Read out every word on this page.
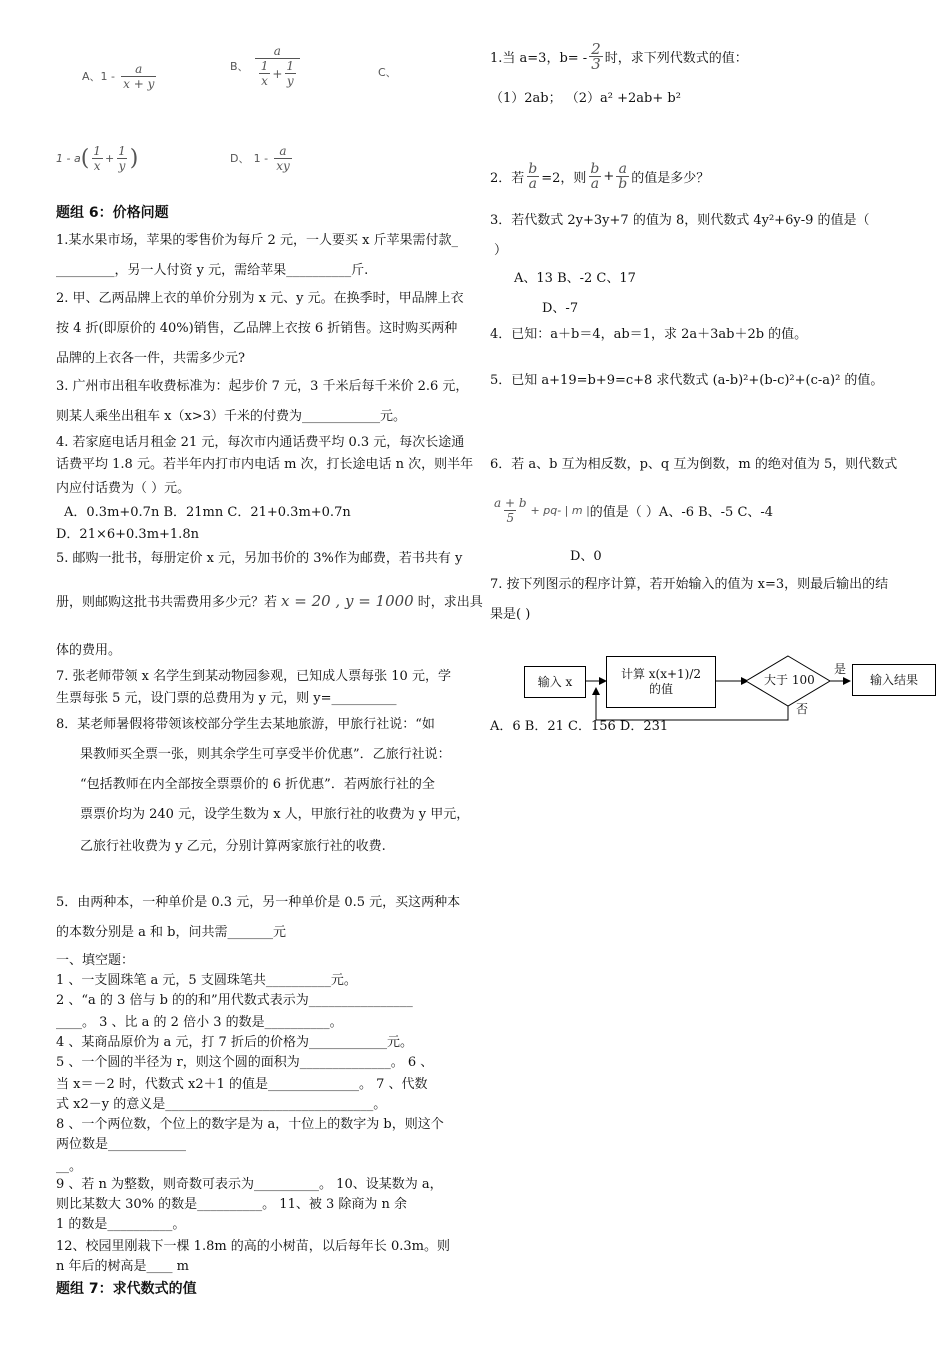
A、$1 - \frac{a}{x + y}$	B、 $\frac{a}{\frac{1}{x} + \frac{1}{y}}$	C、
$1 - a( \frac{1}{x} + \frac{1}{y}$ )	D、 $1 - \frac{a}{xy}$
题组 6：价格问题
1.某水果市场，苹果的零售价为每斤 2 元，一人要买 x 斤苹果需付款_
_________，另一人付资 y 元，需给苹果__________斤.
2. 甲、乙两品牌上衣的单价分别为 x 元、y 元。在换季时，甲品牌上衣
按 4 折(即原价的 40%)销售，乙品牌上衣按 6 折销售。这时购买两种
品牌的上衣各一件，共需多少元?
3. 广州市出租车收费标准为：起步价 7 元，3 千米后每千米价 2.6 元，
则某人乘坐出租车 x（x>3）千米的付费为____________元。
4. 若家庭电话月租金 21 元，每次市内通话费平均 0.3 元，每次长途通
话费平均 1.8 元。若半年内打市内电话 m 次，打长途电话 n 次，则半年
内应付话费为（ ）元。
A．0.3m+0.7n B．21mn C．21+0.3m+0.7n
D．21×6+0.3m+1.8n
5. 邮购一批书，每册定价 x 元，另加书价的 3%作为邮费，若书共有 y
册，则邮购这批书共需费用多少元？若 x = 20 , y = 1000 时，求出具
体的费用。
7. 张老师带领 x 名学生到某动物园参观，已知成人票每张 10 元，学
生票每张 5 元，设门票的总费用为 y 元，则 y=__________
8．某老师暑假将带领该校部分学生去某地旅游，甲旅行社说：“如
果教师买全票一张，则其余学生可享受半价优惠”．乙旅行社说：
“包括教师在内全部按全票票价的 6 折优惠”．若两旅行社的全
票票价均为 240 元，设学生数为 x 人，甲旅行社的收费为 y 甲元，
乙旅行社收费为 y 乙元，分别计算两家旅行社的收费.
5．由两种本，一种单价是 0.3 元，另一种单价是 0.5 元，买这两种本
的本数分别是 a 和 b，问共需_______元
一、填空题：
1 、一支圆珠笔 a 元，5 支圆珠笔共__________元。
2 、“a 的 3 倍与 b 的的和”用代数式表示为________________
____。 3 、比 a 的 2 倍小 3 的数是__________。
4 、某商品原价为 a 元，打 7 折后的价格为____________元。
5 、一个圆的半径为 r，则这个圆的面积为______________。 6 、
当 x＝－2 时，代数式 x2＋1 的值是______________。 7 、代数
式 x2－y 的意义是________________________________。
8 、一个两位数，个位上的数字是为 a，十位上的数字为 b，则这个
两位数是____________
__。
9 、若 n 为整数，则奇数可表示为__________。 10、设某数为 a，
则比某数大 30% 的数是__________。 11、被 3 除商为 n 余
1 的数是__________。
12、校园里刚栽下一棵 1.8m 的高的小树苗，以后每年长 0.3m。则
n 年后的树高是____ m
题组 7：求代数式的值
1.当 a=3，$b= - \frac{2}{3}$ 时，求下列代数式的值：
（1）2ab； （2）a² +2ab+ b²
2．若 $\frac{b}{a} =2$，则 $\frac{b}{a} + \frac{a}{b}$ 的值是多少？
3．若代数式 2y+3y+7 的值为 8，则代数式 4y²+6y-9 的值是（
）
A、13 B、-2 C、17
D、-7
4．已知：a＋b＝4，ab＝1，求 2a＋3ab＋2b 的值。
5．已知 a+19=b+9=c+8 求代数式 (a-b)²+(b-c)²+(c-a)² 的值。
6．若 a、b 互为相反数，p、q 互为倒数，m 的绝对值为 5，则代数式
$\frac{a + b}{5} + pq-$ | m |的值是（ ）A、-6 B、-5 C、-4
D、0
7. 按下列图示的程序计算，若开始输入的值为 x=3，则最后输出的结
果是( )
输入 x
计算 x(x+1)/2
的值
大于 100
是
否
输入结果
A．6 B．21 C．156 D．231
